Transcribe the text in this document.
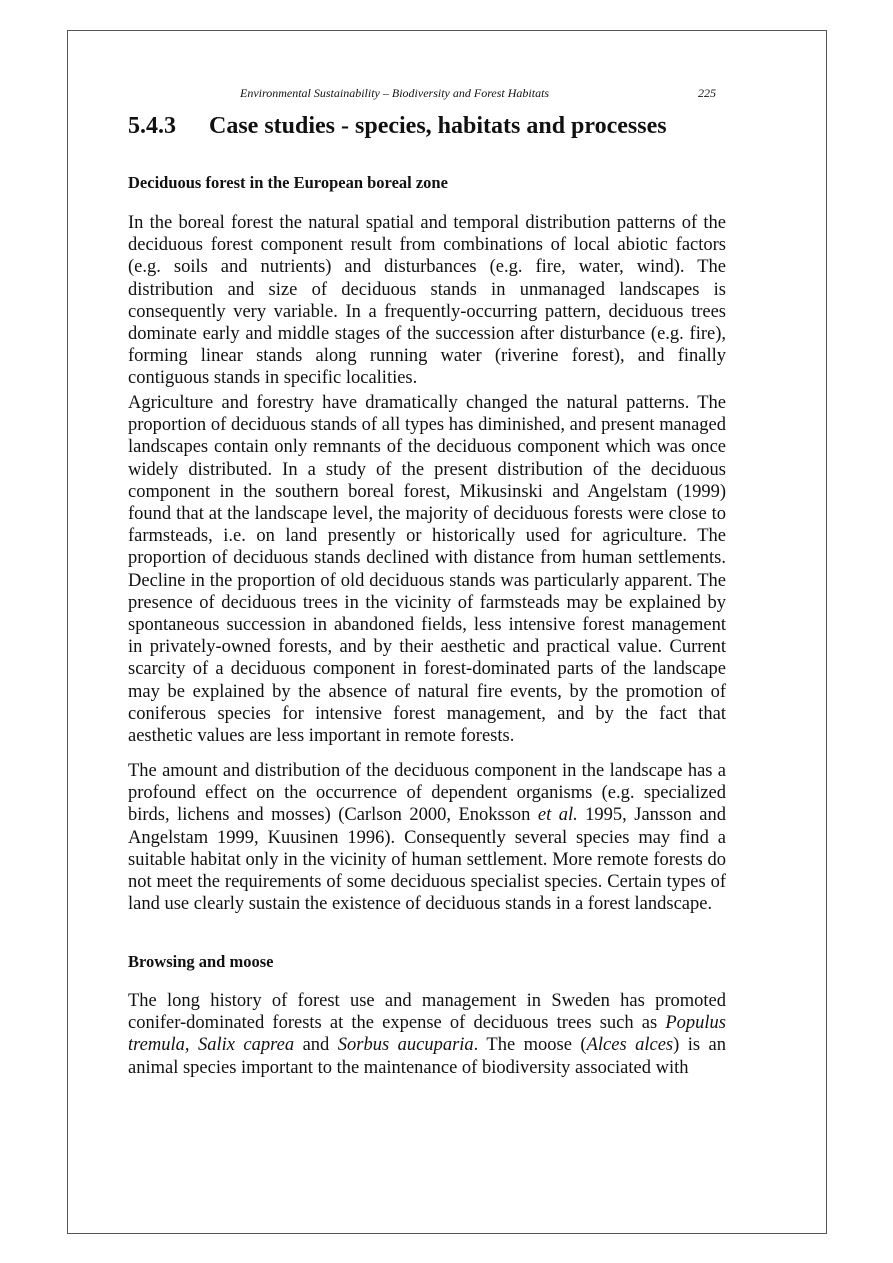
Environmental Sustainability – Biodiversity and Forest Habitats	225
5.4.3 Case studies - species, habitats and processes
Deciduous forest in the European boreal zone

In the boreal forest the natural spatial and temporal distribution patterns of the deciduous forest component result from combinations of local abiotic factors (e.g. soils and nutrients) and disturbances (e.g. fire, water, wind). The distribution and size of deciduous stands in unmanaged landscapes is consequently very variable. In a frequently-occurring pattern, deciduous trees dominate early and middle stages of the succession after disturbance (e.g. fire), forming linear stands along running water (riverine forest), and finally contiguous stands in specific localities.

Agriculture and forestry have dramatically changed the natural patterns. The proportion of deciduous stands of all types has diminished, and present managed landscapes contain only remnants of the deciduous component which was once widely distributed. In a study of the present distribution of the deciduous component in the southern boreal forest, Mikusinski and Angelstam (1999) found that at the landscape level, the majority of deciduous forests were close to farmsteads, i.e. on land presently or historically used for agriculture. The proportion of deciduous stands declined with distance from human settlements. Decline in the proportion of old deciduous stands was particularly apparent. The presence of deciduous trees in the vicinity of farmsteads may be explained by spontaneous succession in abandoned fields, less intensive forest management in privately-owned forests, and by their aesthetic and practical value. Current scarcity of a deciduous component in forest-dominated parts of the landscape may be explained by the absence of natural fire events, by the promotion of coniferous species for intensive forest management, and by the fact that aesthetic values are less important in remote forests.

The amount and distribution of the deciduous component in the landscape has a profound effect on the occurrence of dependent organisms (e.g. specialized birds, lichens and mosses) (Carlson 2000, Enoksson et al. 1995, Jansson and Angelstam 1999, Kuusinen 1996). Consequently several species may find a suitable habitat only in the vicinity of human settlement. More remote forests do not meet the requirements of some deciduous specialist species. Certain types of land use clearly sustain the existence of deciduous stands in a forest landscape.

Browsing and moose

The long history of forest use and management in Sweden has promoted conifer-dominated forests at the expense of deciduous trees such as Populus tremula, Salix caprea and Sorbus aucuparia. The moose (Alces alces) is an animal species important to the maintenance of biodiversity associated with
